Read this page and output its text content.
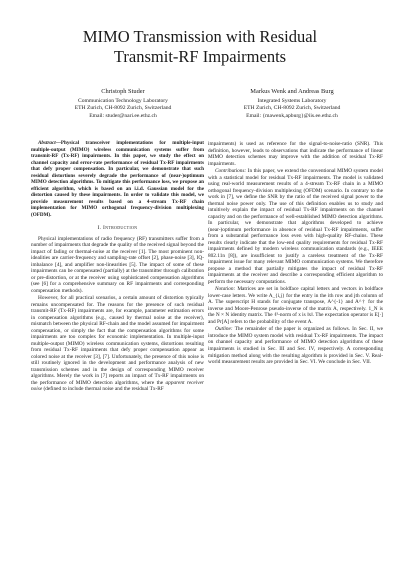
MIMO Transmission with Residual
Transmit-RF Impairments
Christoph Studer
Communication Technology Laboratory
ETH Zurich, CH-8092 Zurich, Switzerland
Email: studer@nari.ee.ethz.ch
Markus Wenk and Andreas Burg
Integrated Systems Laboratory
ETH Zurich, CH-8092 Zurich, Switzerland
Email: {mawenk,apburg}@iis.ee.ethz.ch

Abstract—Physical transceiver implementations for multiple-input multiple-output (MIMO) wireless communication systems suffer from transmit-RF (Tx-RF) impairments. In this paper, we study the effect on channel capacity and error-rate performance of residual Tx-RF impairments that defy proper compensation. In particular, we demonstrate that such residual distortions severely degrade the performance of (near-)optimum MIMO detection algorithms. To mitigate this performance loss, we propose an efficient algorithm, which is based on an i.i.d. Gaussian model for the distortion caused by these impairments. In order to validate this model, we provide measurement results based on a 4-stream Tx-RF chain implementation for MIMO orthogonal frequency-division multiplexing (OFDM).

I. Introduction

Physical implementations of radio frequency (RF) transmitters suffer from a number of impairments that degrade the quality of the received signal beyond the impact of fading or thermal-noise at the receiver [1]. The most prominent non-idealities are carrier-frequency and sampling-rate offset [2], phase-noise [3], IQ-imbalance [4], and amplifier non-linearities [5]. The impact of some of these impairments can be compensated (partially) at the transmitter through calibration or pre-distortion, or at the receiver using sophisticated compensation algorithms (see [6] for a comprehensive summary on RF impairments and corresponding compensation methods).

However, for all practical scenarios, a certain amount of distortion typically remains uncompensated for. The reasons for the presence of such residual transmit-RF (Tx-RF) impairments are, for example, parameter estimation errors in compensation algorithms (e.g., caused by thermal noise at the receiver), mismatch between the physical RF-chain and the model assumed for impairment compensation, or simply the fact that the compensation algorithms for some impairments are too complex for economic implementation. In multiple-input multiple-output (MIMO) wireless communication systems, distortions resulting from residual Tx-RF impairments that defy proper compensation appear as colored noise at the receiver [3], [7]. Unfortunately, the presence of this noise is still routinely ignored in the development and performance analysis of new transmission schemes and in the design of corresponding MIMO receiver algorithms. Merely the work in [7] reports an impact of Tx-RF impairments on the performance of MIMO detection algorithms, where the apparent receiver noise (defined to include thermal noise and the residual Tx-RF

impairments) is used as reference for the signal-to-noise-ratio (SNR). This definition, however, leads to observations that indicate the performance of linear MIMO detection schemes may improve with the addition of residual Tx-RF impairments.

Contributions: In this paper, we extend the conventional MIMO system model with a statistical model for residual Tx-RF impairments. The model is validated using real-world measurement results of a 4-stream Tx-RF chain in a MIMO orthogonal frequency-division multiplexing (OFDM) scenario. In contrary to the work in [7], we define the SNR by the ratio of the received signal power to the thermal noise power only. The use of this definition enables us to study and intuitively explain the impact of residual Tx-RF impairments on the channel capacity and on the performance of well-established MIMO detection algorithms. In particular, we demonstrate that algorithms developed to achieve (near-)optimum performance in absence of residual Tx-RF impairments, suffer from a substantial performance loss even with high-quality RF-chains. These results clearly indicate that the low-end quality requirements for residual Tx-RF impairments defined by modern wireless communication standards (e.g., IEEE 802.11n [8]), are insufficient to justify a careless treatment of the Tx-RF impairment issue for many relevant MIMO communication systems. We therefore propose a method that partially mitigates the impact of residual Tx-RF impairments at the receiver and describe a corresponding efficient algorithm to perform the necessary computations.

Notation: Matrices are set in boldface capital letters and vectors in boldface lower-case letters. We write A_{i,j} for the entry in the ith row and jth column of A. The superscript H stands for conjugate transpose, A^{-1} and A^† for the inverse and Moore-Penrose pseudo-inverse of the matrix A, respectively. 1_N is the N × N identity matrix. The ℓ²-norm of x is ‖x‖. The expectation operator is E[·] and Pr[A] refers to the probability of the event A.

Outline: The remainder of the paper is organized as follows. In Sec. II, we introduce the MIMO system model with residual Tx-RF impairments. The impact on channel capacity and performance of MIMO detection algorithms of these impairments is studied in Sec. III and Sec. IV, respectively. A corresponding mitigation method along with the resulting algorithm is provided in Sec. V. Real-world measurement results are provided in Sec. VI. We conclude in Sec. VII.
